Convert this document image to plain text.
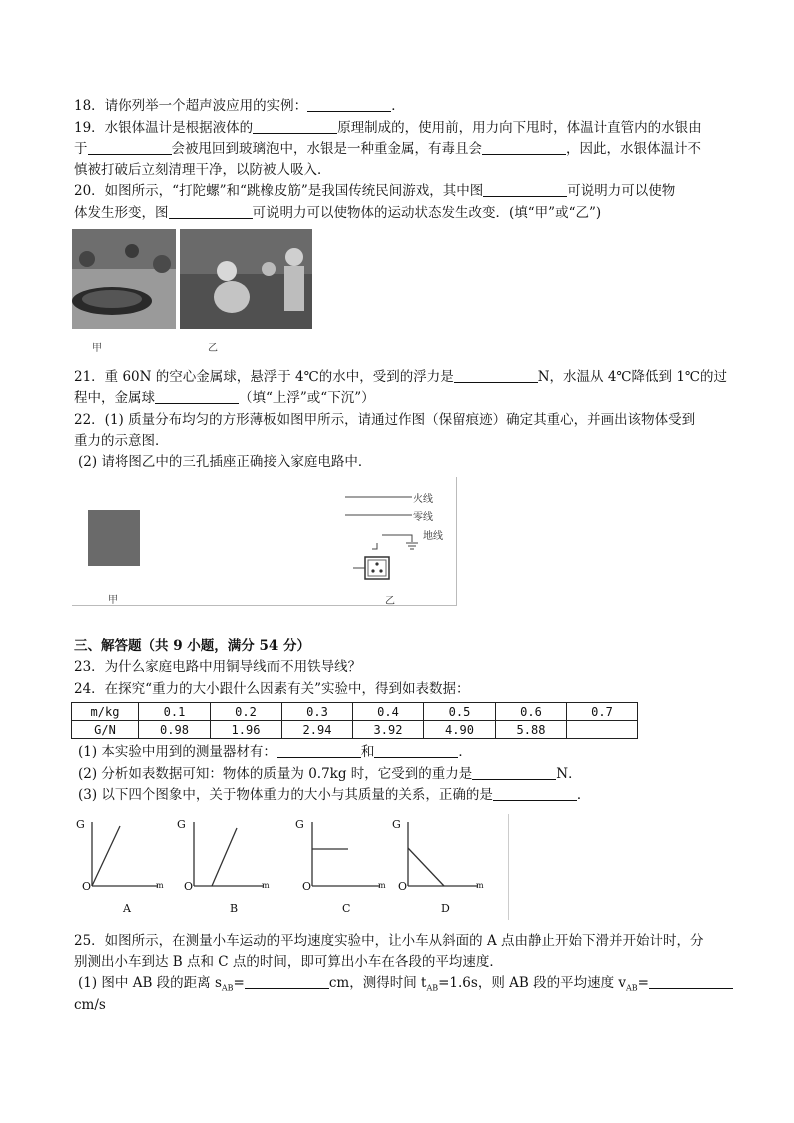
18．请你列举一个超声波应用的实例：	．
19．水银体温计是根据液体的	原理制成的，使用前，用力向下甩时，体温计直管内的水银由
于	会被甩回到玻璃泡中，水银是一种重金属，有毒且会	，因此，水银体温计不
慎被打破后立刻清理干净，以防被人吸入．
20．如图所示，“打陀螺”和“跳橡皮筋”是我国传统民间游戏，其中图	可说明力可以使物
体发生形变，图	可说明力可以使物体的运动状态发生改变．(填“甲”或“乙”)
甲	乙
21．重 60N 的空心金属球，悬浮于 4℃的水中，受到的浮力是	N，水温从 4℃降低到 1℃的过
程中，金属球	（填“上浮”或“下沉”）
22．(1) 质量分布均匀的方形薄板如图甲所示，请通过作图（保留痕迹）确定其重心，并画出该物体受到
重力的示意图．
(2) 请将图乙中的三孔插座正确接入家庭电路中．
火线
零线
地线
甲	乙
三、解答题（共 9 小题，满分 54 分）
23．为什么家庭电路中用铜导线而不用铁导线？
24．在探究“重力的大小跟什么因素有关”实验中，得到如表数据：
m/kg	0.1	0.2	0.3	0.4	0.5	0.6	0.7
G/N	0.98	1.96	2.94	3.92	4.90	5.88	
(1) 本实验中用到的测量器材有：	和	．
(2) 分析如表数据可知：物体的质量为 0.7kg 时，它受到的重力是	N．
(3) 以下四个图象中，关于物体重力的大小与其质量的关系，正确的是	．
G	G	G	G
O	O	O	O
m	m	m	m
A	B	C	D
25．如图所示，在测量小车运动的平均速度实验中，让小车从斜面的 A 点由静止开始下滑并开始计时，分
别测出小车到达 B 点和 C 点的时间，即可算出小车在各段的平均速度．
(1) 图中 AB 段的距离 $s_{AB}=$	cm，测得时间 $t_{AB}=1.6s$，则 AB 段的平均速度 $v_{AB}=$
cm/s
